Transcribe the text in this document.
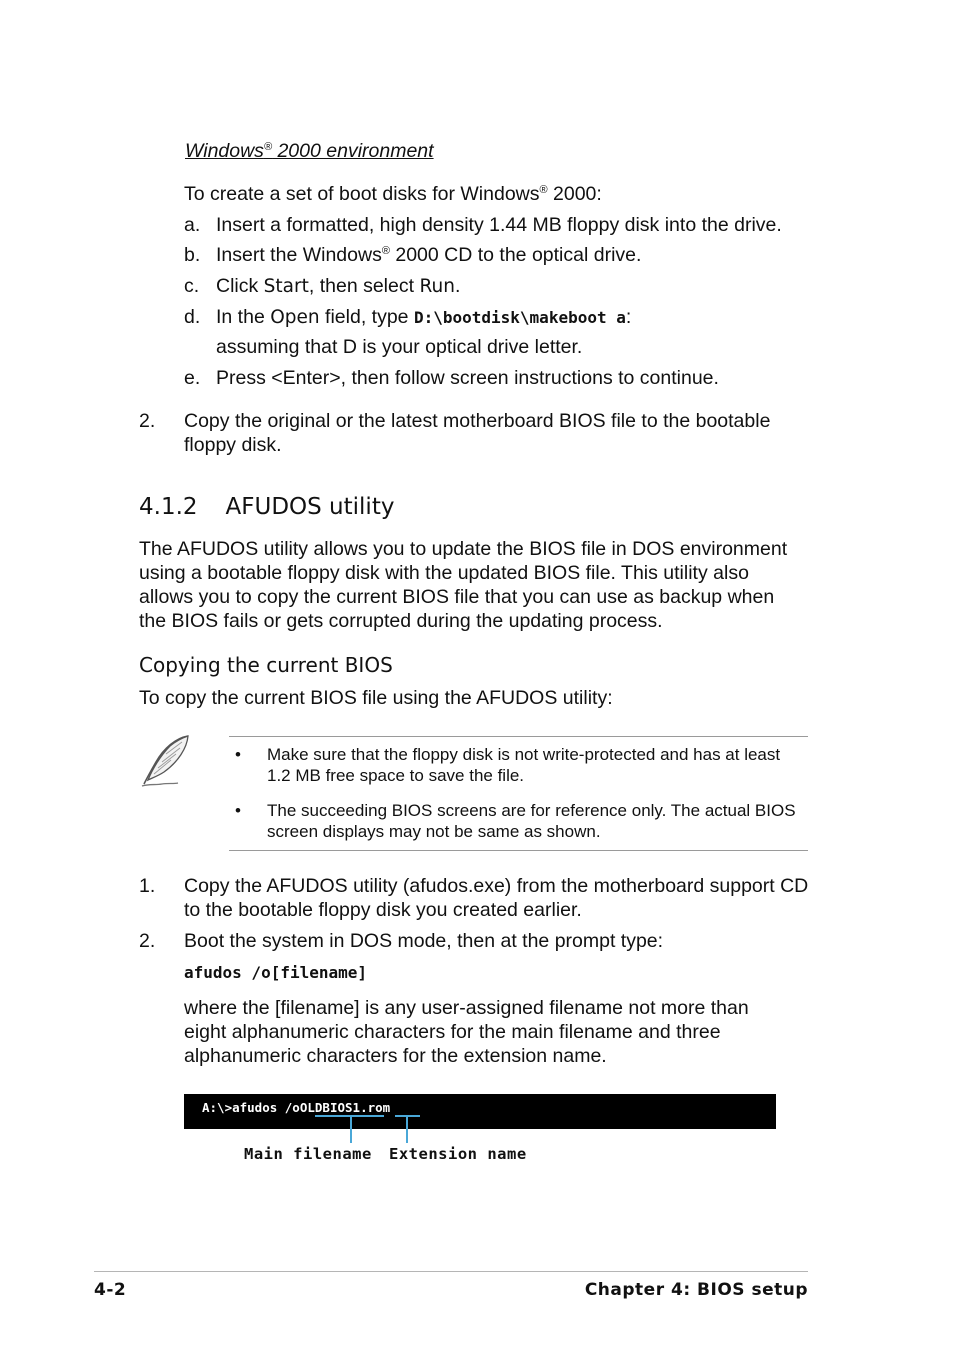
Windows® 2000 environment
To create a set of boot disks for Windows® 2000:
a. Insert a formatted, high density 1.44 MB floppy disk into the drive.
b. Insert the Windows® 2000 CD to the optical drive.
c. Click Start, then select Run.
d. In the Open field, type D:\bootdisk\makeboot a:
assuming that D is your optical drive letter.
e. Press <Enter>, then follow screen instructions to continue.
2. Copy the original or the latest motherboard BIOS file to the bootable floppy disk.
4.1.2 AFUDOS utility
The AFUDOS utility allows you to update the BIOS file in DOS environment using a bootable floppy disk with the updated BIOS file. This utility also allows you to copy the current BIOS file that you can use as backup when the BIOS fails or gets corrupted during the updating process.
Copying the current BIOS
To copy the current BIOS file using the AFUDOS utility:
• Make sure that the floppy disk is not write-protected and has at least 1.2 MB free space to save the file.
• The succeeding BIOS screens are for reference only. The actual BIOS screen displays may not be same as shown.
1. Copy the AFUDOS utility (afudos.exe) from the motherboard support CD to the bootable floppy disk you created earlier.
2. Boot the system in DOS mode, then at the prompt type:
afudos /o[filename]
where the [filename] is any user-assigned filename not more than eight alphanumeric characters for the main filename and three alphanumeric characters for the extension name.
A:\>afudos /oOLDBIOS1.rom
Main filename Extension name
4-2	Chapter 4: BIOS setup
